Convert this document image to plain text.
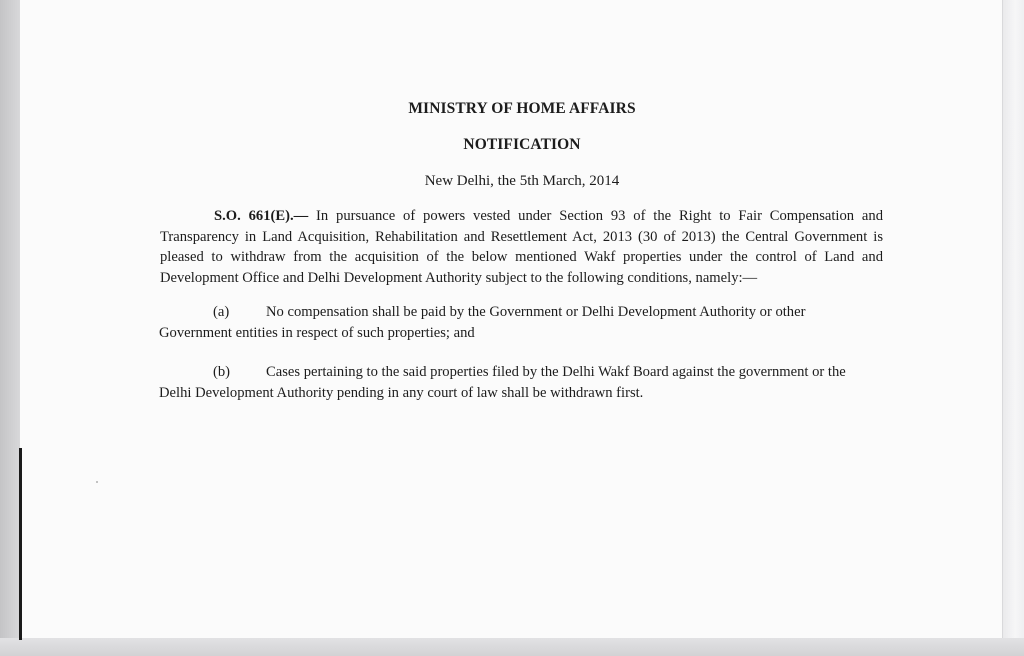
MINISTRY OF HOME AFFAIRS
NOTIFICATION

New Delhi, the 5th March, 2014

S.O. 661(E).— In pursuance of powers vested under Section 93 of the Right to Fair Compensation and Transparency in Land Acquisition, Rehabilitation and Resettlement Act, 2013 (30 of 2013) the Central Government is pleased to withdraw from the acquisition of the below mentioned Wakf properties under the control of Land and Development Office and Delhi Development Authority subject to the following conditions, namely:—

(a)	No compensation shall be paid by the Government or Delhi Development Authority or other
Government entities in respect of such properties; and

(b) Cases pertaining to the said properties filed by the Delhi Wakf Board against the government or the
Delhi Development Authority pending in any court of law shall be withdrawn first.
